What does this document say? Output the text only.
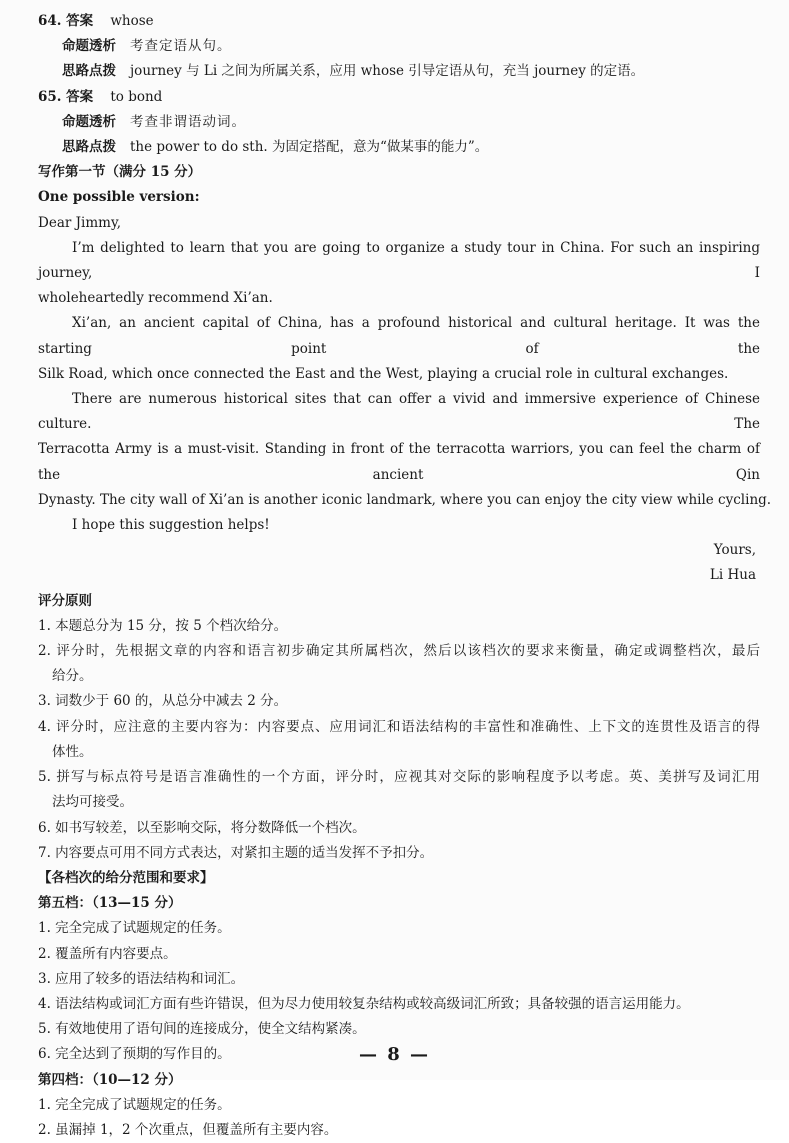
64. 答案 whose
命题透析 考查定语从句。
思路点拨 journey 与 Li 之间为所属关系，应用 whose 引导定语从句，充当 journey 的定语。
65. 答案 to bond
命题透析 考查非谓语动词。
思路点拨 the power to do sth. 为固定搭配，意为“做某事的能力”。
写作第一节（满分 15 分）
One possible version:
Dear Jimmy,
I’m delighted to learn that you are going to organize a study tour in China. For such an inspiring journey, I
wholeheartedly recommend Xi’an.
Xi’an, an ancient capital of China, has a profound historical and cultural heritage. It was the starting point of the
Silk Road, which once connected the East and the West, playing a crucial role in cultural exchanges.
There are numerous historical sites that can offer a vivid and immersive experience of Chinese culture. The
Terracotta Army is a must-visit. Standing in front of the terracotta warriors, you can feel the charm of the ancient Qin
Dynasty. The city wall of Xi’an is another iconic landmark, where you can enjoy the city view while cycling.
I hope this suggestion helps!
Yours,
Li Hua
评分原则
1. 本题总分为 15 分，按 5 个档次给分。
2. 评分时，先根据文章的内容和语言初步确定其所属档次，然后以该档次的要求来衡量，确定或调整档次，最后
给分。
3. 词数少于 60 的，从总分中减去 2 分。
4. 评分时，应注意的主要内容为：内容要点、应用词汇和语法结构的丰富性和准确性、上下文的连贯性及语言的得
体性。
5. 拼写与标点符号是语言准确性的一个方面，评分时，应视其对交际的影响程度予以考虑。英、美拼写及词汇用
法均可接受。
6. 如书写较差，以至影响交际，将分数降低一个档次。
7. 内容要点可用不同方式表达，对紧扣主题的适当发挥不予扣分。
【各档次的给分范围和要求】
第五档：（13—15 分）
1. 完全完成了试题规定的任务。
2. 覆盖所有内容要点。
3. 应用了较多的语法结构和词汇。
4. 语法结构或词汇方面有些许错误，但为尽力使用较复杂结构或较高级词汇所致；具备较强的语言运用能力。
5. 有效地使用了语句间的连接成分，使全文结构紧凑。
6. 完全达到了预期的写作目的。
第四档：（10—12 分）
1. 完全完成了试题规定的任务。
2. 虽漏掉 1，2 个次重点，但覆盖所有主要内容。
— 8 —
